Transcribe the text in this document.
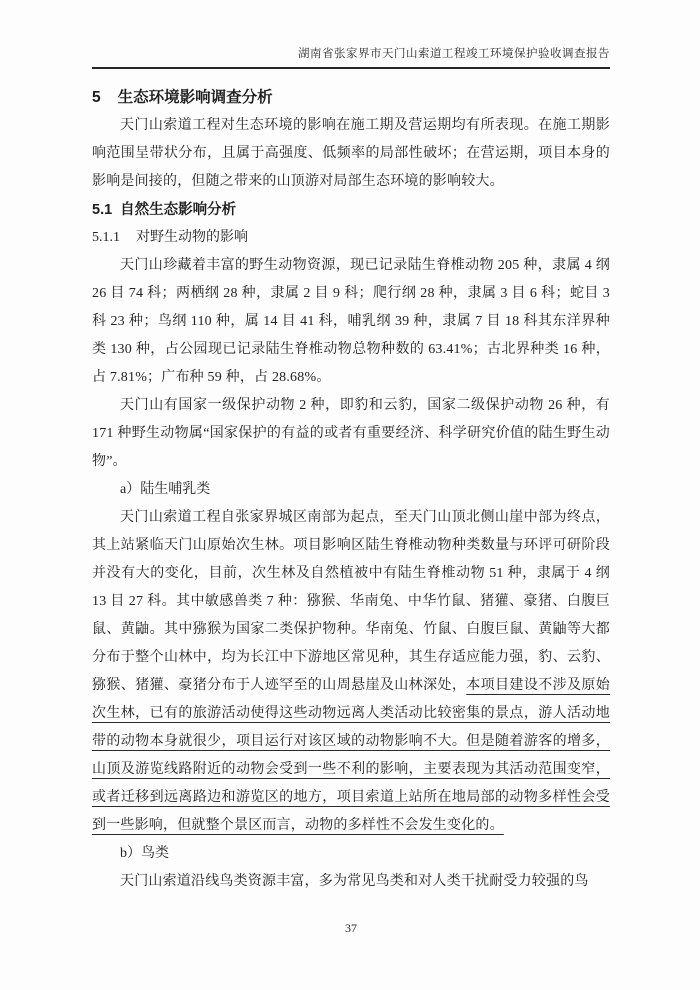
湖南省张家界市天门山索道工程竣工环境保护验收调查报告
5 生态环境影响调查分析

天门山索道工程对生态环境的影响在施工期及营运期均有所表现。在施工期影响范围呈带状分布，且属于高强度、低频率的局部性破坏；在营运期，项目本身的影响是间接的，但随之带来的山顶游对局部生态环境的影响较大。

5.1 自然生态影响分析
5.1.1 对野生动物的影响

天门山珍藏着丰富的野生动物资源，现已记录陆生脊椎动物 205 种，隶属 4 纲 26 目 74 科；两栖纲 28 种，隶属 2 目 9 科；爬行纲 28 种，隶属 3 目 6 科；蛇目 3 科 23 种；鸟纲 110 种，属 14 目 41 科，哺乳纲 39 种，隶属 7 目 18 科其东洋界种类 130 种，占公园现已记录陆生脊椎动物总物种数的 63.41%；古北界种类 16 种，占 7.81%；广布种 59 种，占 28.68%。

天门山有国家一级保护动物 2 种，即豹和云豹，国家二级保护动物 26 种，有 171 种野生动物属“国家保护的有益的或者有重要经济、科学研究价值的陆生野生动物”。

a）陆生哺乳类

天门山索道工程自张家界城区南部为起点，至天门山顶北侧山崖中部为终点，其上站紧临天门山原始次生林。项目影响区陆生脊椎动物种类数量与环评可研阶段并没有大的变化，目前，次生林及自然植被中有陆生脊椎动物 51 种，隶属于 4 纲 13 目 27 科。其中敏感兽类 7 种：猕猴、华南兔、中华竹鼠、猪獾、豪猪、白腹巨鼠、黄鼬。其中猕猴为国家二类保护物种。华南兔、竹鼠、白腹巨鼠、黄鼬等大都分布于整个山林中，均为长江中下游地区常见种，其生存适应能力强，豹、云豹、猕猴、猪獾、豪猪分布于人迹罕至的山周悬崖及山林深处，本项目建设不涉及原始次生林，已有的旅游活动使得这些动物远离人类活动比较密集的景点，游人活动地带的动物本身就很少，项目运行对该区域的动物影响不大。但是随着游客的增多，山顶及游览线路附近的动物会受到一些不利的影响，主要表现为其活动范围变窄，或者迁移到远离路边和游览区的地方，项目索道上站所在地局部的动物多样性会受到一些影响，但就整个景区而言，动物的多样性不会发生变化的。

b）鸟类

天门山索道沿线鸟类资源丰富，多为常见鸟类和对人类干扰耐受力较强的鸟

37
